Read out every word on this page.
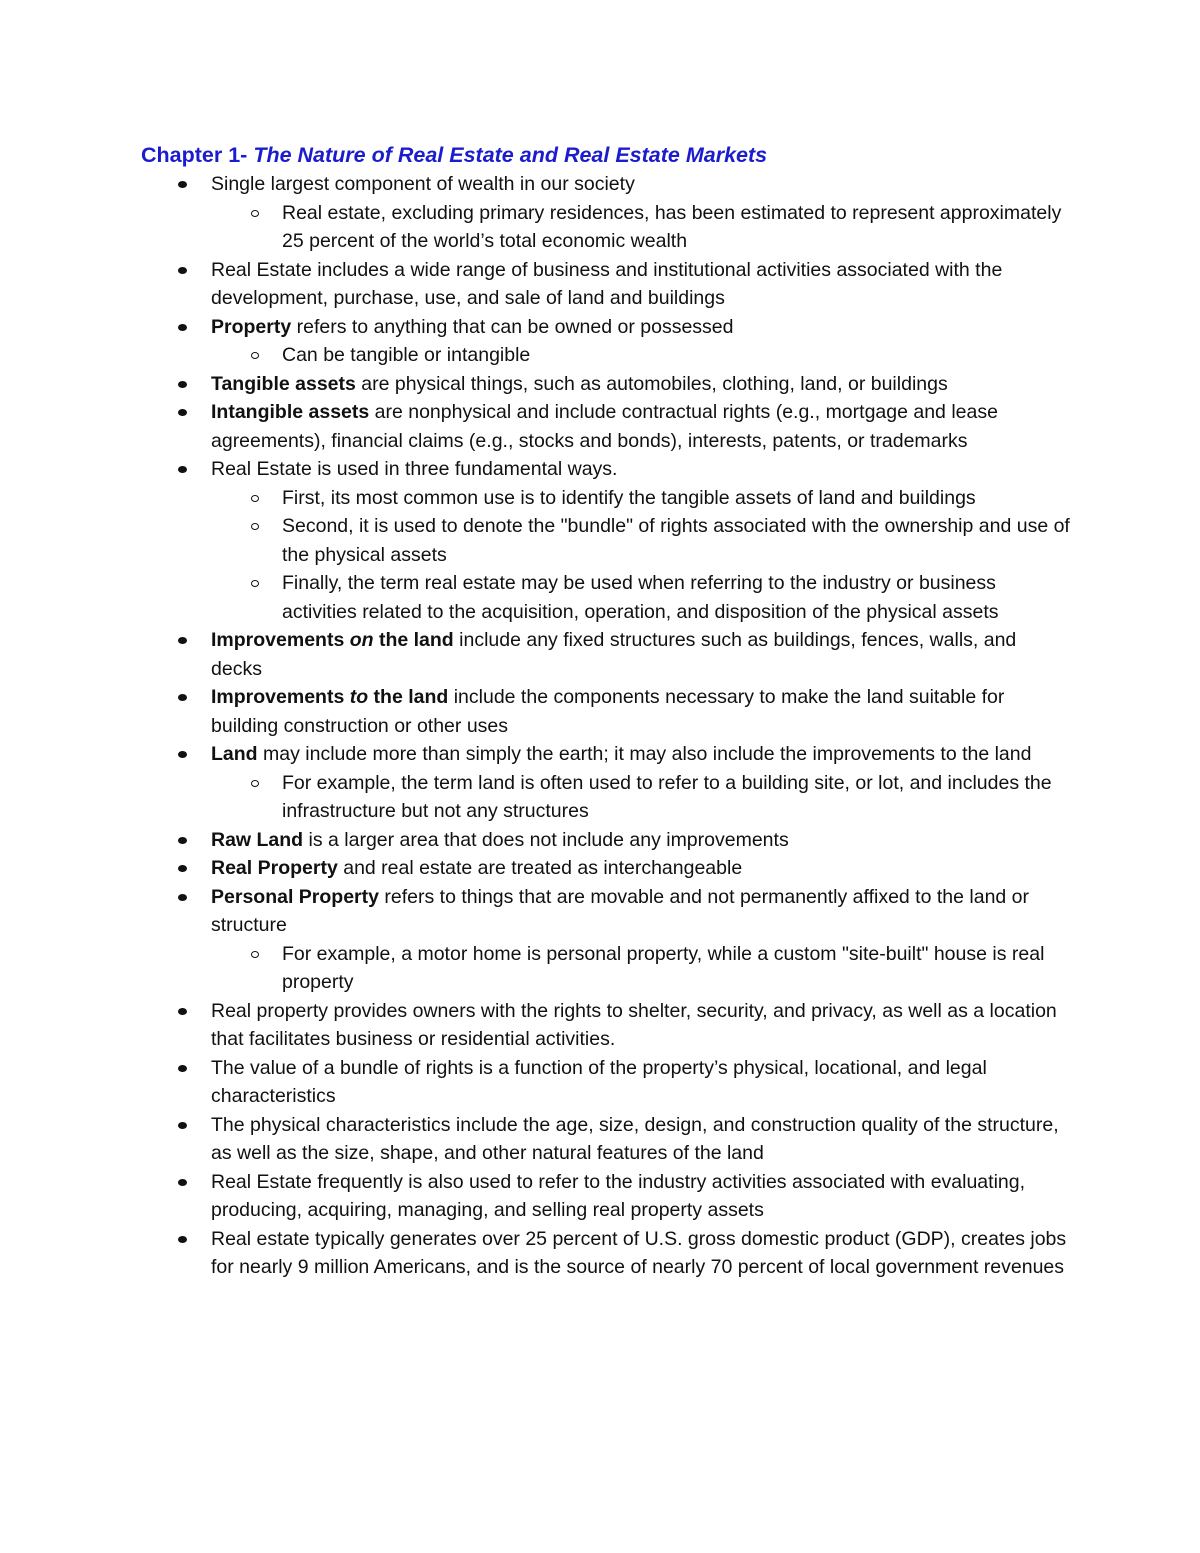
Chapter 1- The Nature of Real Estate and Real Estate Markets
Single largest component of wealth in our society
Real estate, excluding primary residences, has been estimated to represent approximately 25 percent of the world’s total economic wealth
Real Estate includes a wide range of business and institutional activities associated with the development, purchase, use, and sale of land and buildings
Property refers to anything that can be owned or possessed
Can be tangible or intangible
Tangible assets are physical things, such as automobiles, clothing, land, or buildings
Intangible assets are nonphysical and include contractual rights (e.g., mortgage and lease agreements), financial claims (e.g., stocks and bonds), interests, patents, or trademarks
Real Estate is used in three fundamental ways.
First, its most common use is to identify the tangible assets of land and buildings
Second, it is used to denote the "bundle" of rights associated with the ownership and use of the physical assets
Finally, the term real estate may be used when referring to the industry or business activities related to the acquisition, operation, and disposition of the physical assets
Improvements on the land include any fixed structures such as buildings, fences, walls, and decks
Improvements to the land include the components necessary to make the land suitable for building construction or other uses
Land may include more than simply the earth; it may also include the improvements to the land
For example, the term land is often used to refer to a building site, or lot, and includes the infrastructure but not any structures
Raw Land is a larger area that does not include any improvements
Real Property and real estate are treated as interchangeable
Personal Property refers to things that are movable and not permanently affixed to the land or structure
For example, a motor home is personal property, while a custom "site-built" house is real property
Real property provides owners with the rights to shelter, security, and privacy, as well as a location that facilitates business or residential activities.
The value of a bundle of rights is a function of the property’s physical, locational, and legal characteristics
The physical characteristics include the age, size, design, and construction quality of the structure, as well as the size, shape, and other natural features of the land
Real Estate frequently is also used to refer to the industry activities associated with evaluating, producing, acquiring, managing, and selling real property assets
Real estate typically generates over 25 percent of U.S. gross domestic product (GDP), creates jobs for nearly 9 million Americans, and is the source of nearly 70 percent of local government revenues
